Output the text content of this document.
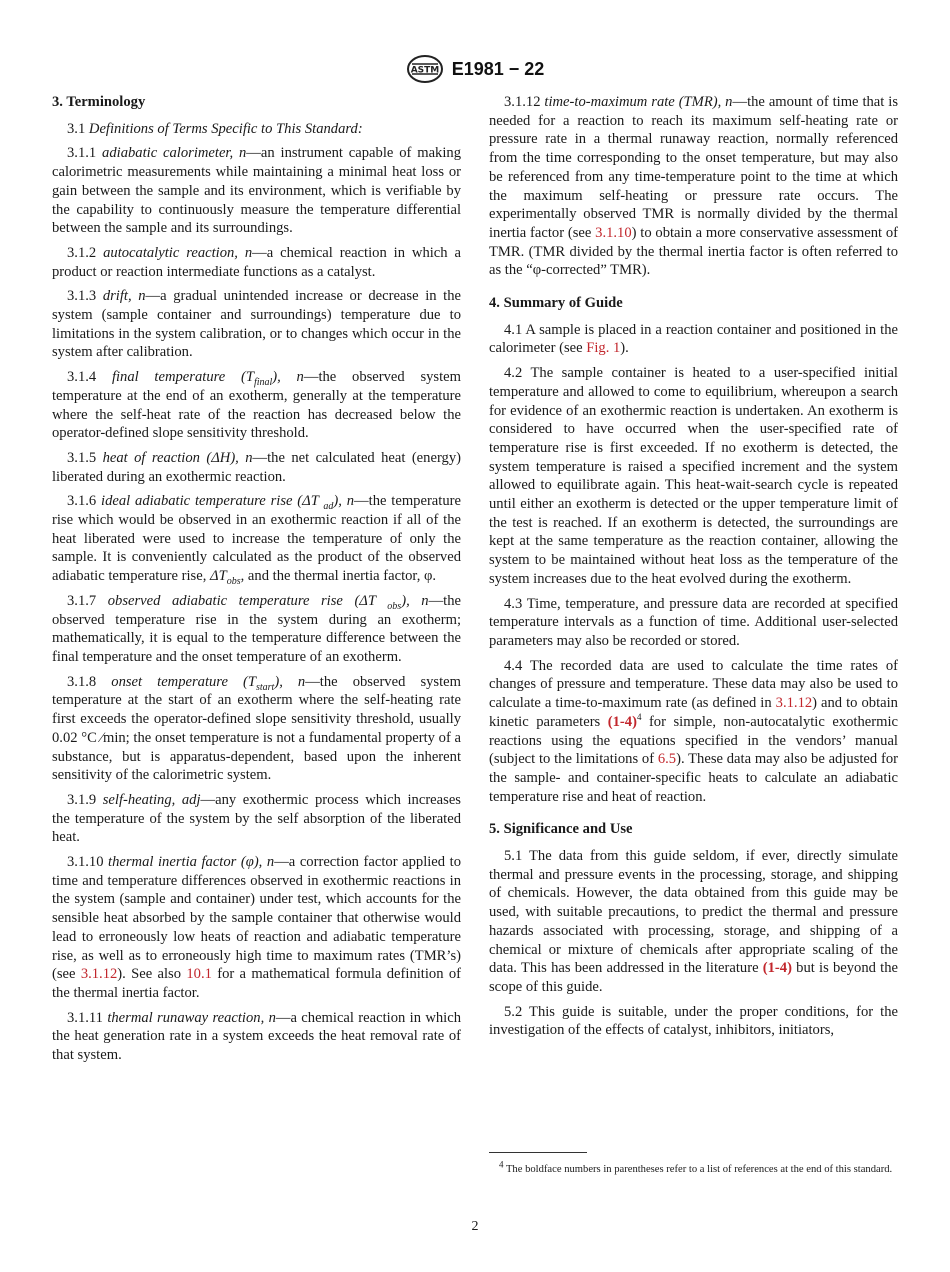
ASTM E1981 − 22
3. Terminology

3.1 Definitions of Terms Specific to This Standard:

3.1.1 adiabatic calorimeter, n—an instrument capable of making calorimetric measurements while maintaining a minimal heat loss or gain between the sample and its environment, which is verifiable by the capability to continuously measure the temperature differential between the sample and its surroundings.

3.1.2 autocatalytic reaction, n—a chemical reaction in which a product or reaction intermediate functions as a catalyst.

3.1.3 drift, n—a gradual unintended increase or decrease in the system (sample container and surroundings) temperature due to limitations in the system calibration, or to changes which occur in the system after calibration.

3.1.4 final temperature $(T_{final})$, n—the observed system temperature at the end of an exotherm, generally at the temperature where the self-heat rate of the reaction has decreased below the operator-defined slope sensitivity threshold.

3.1.5 heat of reaction (ΔH), n—the net calculated heat (energy) liberated during an exothermic reaction.

3.1.6 ideal adiabatic temperature rise (ΔT $_{ad}$), n—the temperature rise which would be observed in an exothermic reaction if all of the heat liberated were used to increase the temperature of only the sample. It is conveniently calculated as the product of the observed adiabatic temperature rise, $\Delta T_{obs}$, and the thermal inertia factor, φ.

3.1.7 observed adiabatic temperature rise (ΔT $_{obs}$), n—the observed temperature rise in the system during an exotherm; mathematically, it is equal to the temperature difference between the final temperature and the onset temperature of an exotherm.

3.1.8 onset temperature $(T_{start})$, n—the observed system temperature at the start of an exotherm where the self-heating rate first exceeds the operator-defined slope sensitivity threshold, usually 0.02 °C ⁄min; the onset temperature is not a fundamental property of a substance, but is apparatus-dependent, based upon the inherent sensitivity of the calorimetric system.

3.1.9 self-heating, adj—any exothermic process which increases the temperature of the system by the self absorption of the liberated heat.

3.1.10 thermal inertia factor (φ), n—a correction factor applied to time and temperature differences observed in exothermic reactions in the system (sample and container) under test, which accounts for the sensible heat absorbed by the sample container that otherwise would lead to erroneously low heats of reaction and adiabatic temperature rise, as well as to erroneously high time to maximum rates (TMR’s) (see 3.1.12). See also 10.1 for a mathematical formula definition of the thermal inertia factor.

3.1.11 thermal runaway reaction, n—a chemical reaction in which the heat generation rate in a system exceeds the heat removal rate of that system.

3.1.12 time-to-maximum rate (TMR), n—the amount of time that is needed for a reaction to reach its maximum self-heating rate or pressure rate in a thermal runaway reaction, normally referenced from the time corresponding to the onset temperature, but may also be referenced from any time-temperature point to the time at which the maximum self-heating or pressure rate occurs. The experimentally observed TMR is normally divided by the thermal inertia factor (see 3.1.10) to obtain a more conservative assessment of TMR. (TMR divided by the thermal inertia factor is often referred to as the “φ-corrected” TMR).

4. Summary of Guide

4.1 A sample is placed in a reaction container and positioned in the calorimeter (see Fig. 1).

4.2 The sample container is heated to a user-specified initial temperature and allowed to come to equilibrium, whereupon a search for evidence of an exothermic reaction is undertaken. An exotherm is considered to have occurred when the user-specified rate of temperature rise is first exceeded. If no exotherm is detected, the system temperature is raised a specified increment and the system allowed to equilibrate again. This heat-wait-search cycle is repeated until either an exotherm is detected or the upper temperature limit of the test is reached. If an exotherm is detected, the surroundings are kept at the same temperature as the reaction container, allowing the system to be maintained without heat loss as the temperature of the system increases due to the heat evolved during the exotherm.

4.3 Time, temperature, and pressure data are recorded at specified temperature intervals as a function of time. Additional user-selected parameters may also be recorded or stored.

4.4 The recorded data are used to calculate the time rates of changes of pressure and temperature. These data may also be used to calculate a time-to-maximum rate (as defined in 3.1.12) and to obtain kinetic parameters $(1-4)^4$ for simple, non-autocatalytic exothermic reactions using the equations specified in the vendors’ manual (subject to the limitations of 6.5). These data may also be adjusted for the sample- and container-specific heats to calculate an adiabatic temperature rise and heat of reaction.

5. Significance and Use

5.1 The data from this guide seldom, if ever, directly simulate thermal and pressure events in the processing, storage, and shipping of chemicals. However, the data obtained from this guide may be used, with suitable precautions, to predict the thermal and pressure hazards associated with processing, storage, and shipping of a chemical or mixture of chemicals after appropriate scaling of the data. This has been addressed in the literature (1-4) but is beyond the scope of this guide.

5.2 This guide is suitable, under the proper conditions, for the investigation of the effects of catalyst, inhibitors, initiators,

$^4$ The boldface numbers in parentheses refer to a list of references at the end of this standard.
2
